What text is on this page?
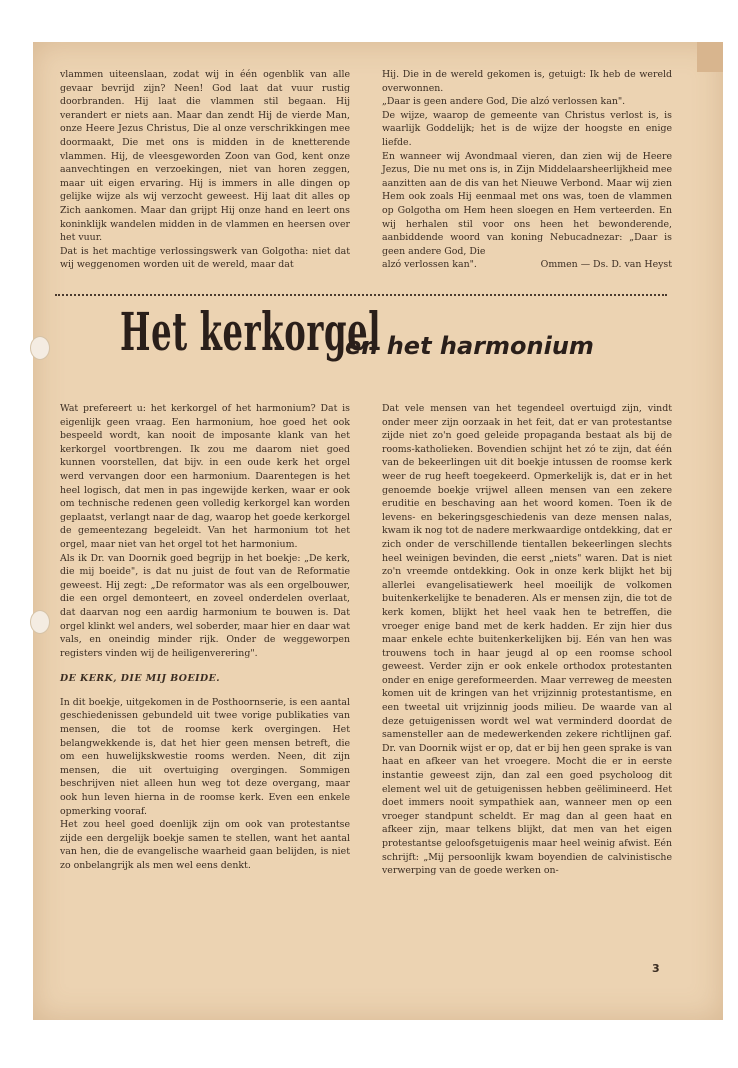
vlammen uiteenslaan, zodat wij in één ogenblik van alle gevaar bevrijd zijn? Neen! God laat dat vuur rustig doorbranden. Hij laat die vlammen stil begaan. Hij verandert er niets aan. Maar dan zendt Hij de vierde Man, onze Heere Jezus Christus, Die al onze verschrikkingen mee doormaakt, Die met ons is midden in de knetterende vlammen. Hij, de vleesgeworden Zoon van God, kent onze aanvechtingen en verzoekingen, niet van horen zeggen, maar uit eigen ervaring. Hij is immers in alle dingen op gelijke wijze als wij verzocht geweest. Hij laat dit alles op Zich aankomen. Maar dan grijpt Hij onze hand en leert ons koninklijk wandelen midden in de vlammen en heersen over het vuur.

Dat is het machtige verlossingswerk van Golgotha: niet dat wij weggenomen worden uit de wereld, maar dat

Hij. Die in de wereld gekomen is, getuigt: Ik heb de wereld overwonnen.

„Daar is geen andere God, Die alzó verlossen kan".

De wijze, waarop de gemeente van Christus verlost is, is waarlijk Goddelijk; het is de wijze der hoogste en enige liefde.

En wanneer wij Avondmaal vieren, dan zien wij de Heere Jezus, Die nu met ons is, in Zijn Middelaarsheerlijkheid mee aanzitten aan de dis van het Nieuwe Verbond. Maar wij zien Hem ook zoals Hij eenmaal met ons was, toen de vlammen op Golgotha om Hem heen sloegen en Hem verteerden. En wij herhalen stil voor ons heen het bewonderende, aanbiddende woord van koning Nebucadnezar: „Daar is geen andere God, Die

alzó verlossen kan".	Ommen — Ds. D. van Heyst
Het kerkorgel
en het harmonium

Wat prefereert u: het kerkorgel of het harmonium? Dat is eigenlijk geen vraag. Een harmonium, hoe goed het ook bespeeld wordt, kan nooit de imposante klank van het kerkorgel voortbrengen. Ik zou me daarom niet goed kunnen voorstellen, dat bijv. in een oude kerk het orgel werd vervangen door een harmonium. Daarentegen is het heel logisch, dat men in pas ingewijde kerken, waar er ook om technische redenen geen volledig kerkorgel kan worden geplaatst, verlangt naar de dag, waarop het goede kerkorgel de gemeentezang begeleidt. Van het harmonium tot het orgel, maar niet van het orgel tot het harmonium.

Als ik Dr. van Doornik goed begrijp in het boekje: „De kerk, die mij boeide", is dat nu juist de fout van de Reformatie geweest. Hij zegt: „De reformator was als een orgelbouwer, die een orgel demonteert, en zoveel onderdelen overlaat, dat daarvan nog een aardig harmonium te bouwen is. Dat orgel klinkt wel anders, wel soberder, maar hier en daar wat vals, en oneindig minder rijk. Onder de weggeworpen registers vinden wij de heiligenverering".

DE KERK, DIE MIJ BOEIDE.

In dit boekje, uitgekomen in de Posthoornserie, is een aantal geschiedenissen gebundeld uit twee vorige publikaties van mensen, die tot de roomse kerk overgingen. Het belangwekkende is, dat het hier geen mensen betreft, die om een huwelijkskwestie rooms werden. Neen, dit zijn mensen, die uit overtuiging overgingen. Sommigen beschrijven niet alleen hun weg tot deze overgang, maar ook hun leven hierna in de roomse kerk. Even een enkele opmerking vooraf.

Het zou heel goed doenlijk zijn om ook van protestantse zijde een dergelijk boekje samen te stellen, want het aantal van hen, die de evangelische waarheid gaan belijden, is niet zo onbelangrijk als men wel eens denkt.

Dat vele mensen van het tegendeel overtuigd zijn, vindt onder meer zijn oorzaak in het feit, dat er van protestantse zijde niet zo'n goed geleide propaganda bestaat als bij de rooms-katholieken. Bovendien schijnt het zó te zijn, dat één van de bekeerlingen uit dit boekje intussen de roomse kerk weer de rug heeft toegekeerd. Opmerkelijk is, dat er in het genoemde boekje vrijwel alleen mensen van een zekere eruditie en beschaving aan het woord komen. Toen ik de levens- en bekeringsgeschiedenis van deze mensen nalas, kwam ik nog tot de nadere merkwaardige ontdekking, dat er zich onder de verschillende tientallen bekeerlingen slechts heel weinigen bevinden, die eerst „niets" waren. Dat is niet zo'n vreemde ontdekking. Ook in onze kerk blijkt het bij allerlei evangelisatiewerk heel moeilijk de volkomen buitenkerkelijke te benaderen. Als er mensen zijn, die tot de kerk komen, blijkt het heel vaak hen te betreffen, die vroeger enige band met de kerk hadden. Er zijn hier dus maar enkele echte buitenkerkelijken bij. Eén van hen was trouwens toch in haar jeugd al op een roomse school geweest. Verder zijn er ook enkele orthodox protestanten onder en enige gereformeerden. Maar verreweg de meesten komen uit de kringen van het vrijzinnig protestantisme, en een tweetal uit vrijzinnig joods milieu. De waarde van al deze getuigenissen wordt wel wat verminderd doordat de samensteller aan de medewerkenden zekere richtlijnen gaf. Dr. van Doornik wijst er op, dat er bij hen geen sprake is van haat en afkeer van het vroegere. Mocht die er in eerste instantie geweest zijn, dan zal een goed psycholoog dit element wel uit de getuigenissen hebben geëlimineerd. Het doet immers nooit sympathiek aan, wanneer men op een vroeger standpunt scheldt. Er mag dan al geen haat en afkeer zijn, maar telkens blijkt, dat men van het eigen protestantse geloofsgetuigenis maar heel weinig afwist. Eén schrijft: „Mij persoonlijk kwam boyendien de calvinistische verwerping van de goede werken on-

3
